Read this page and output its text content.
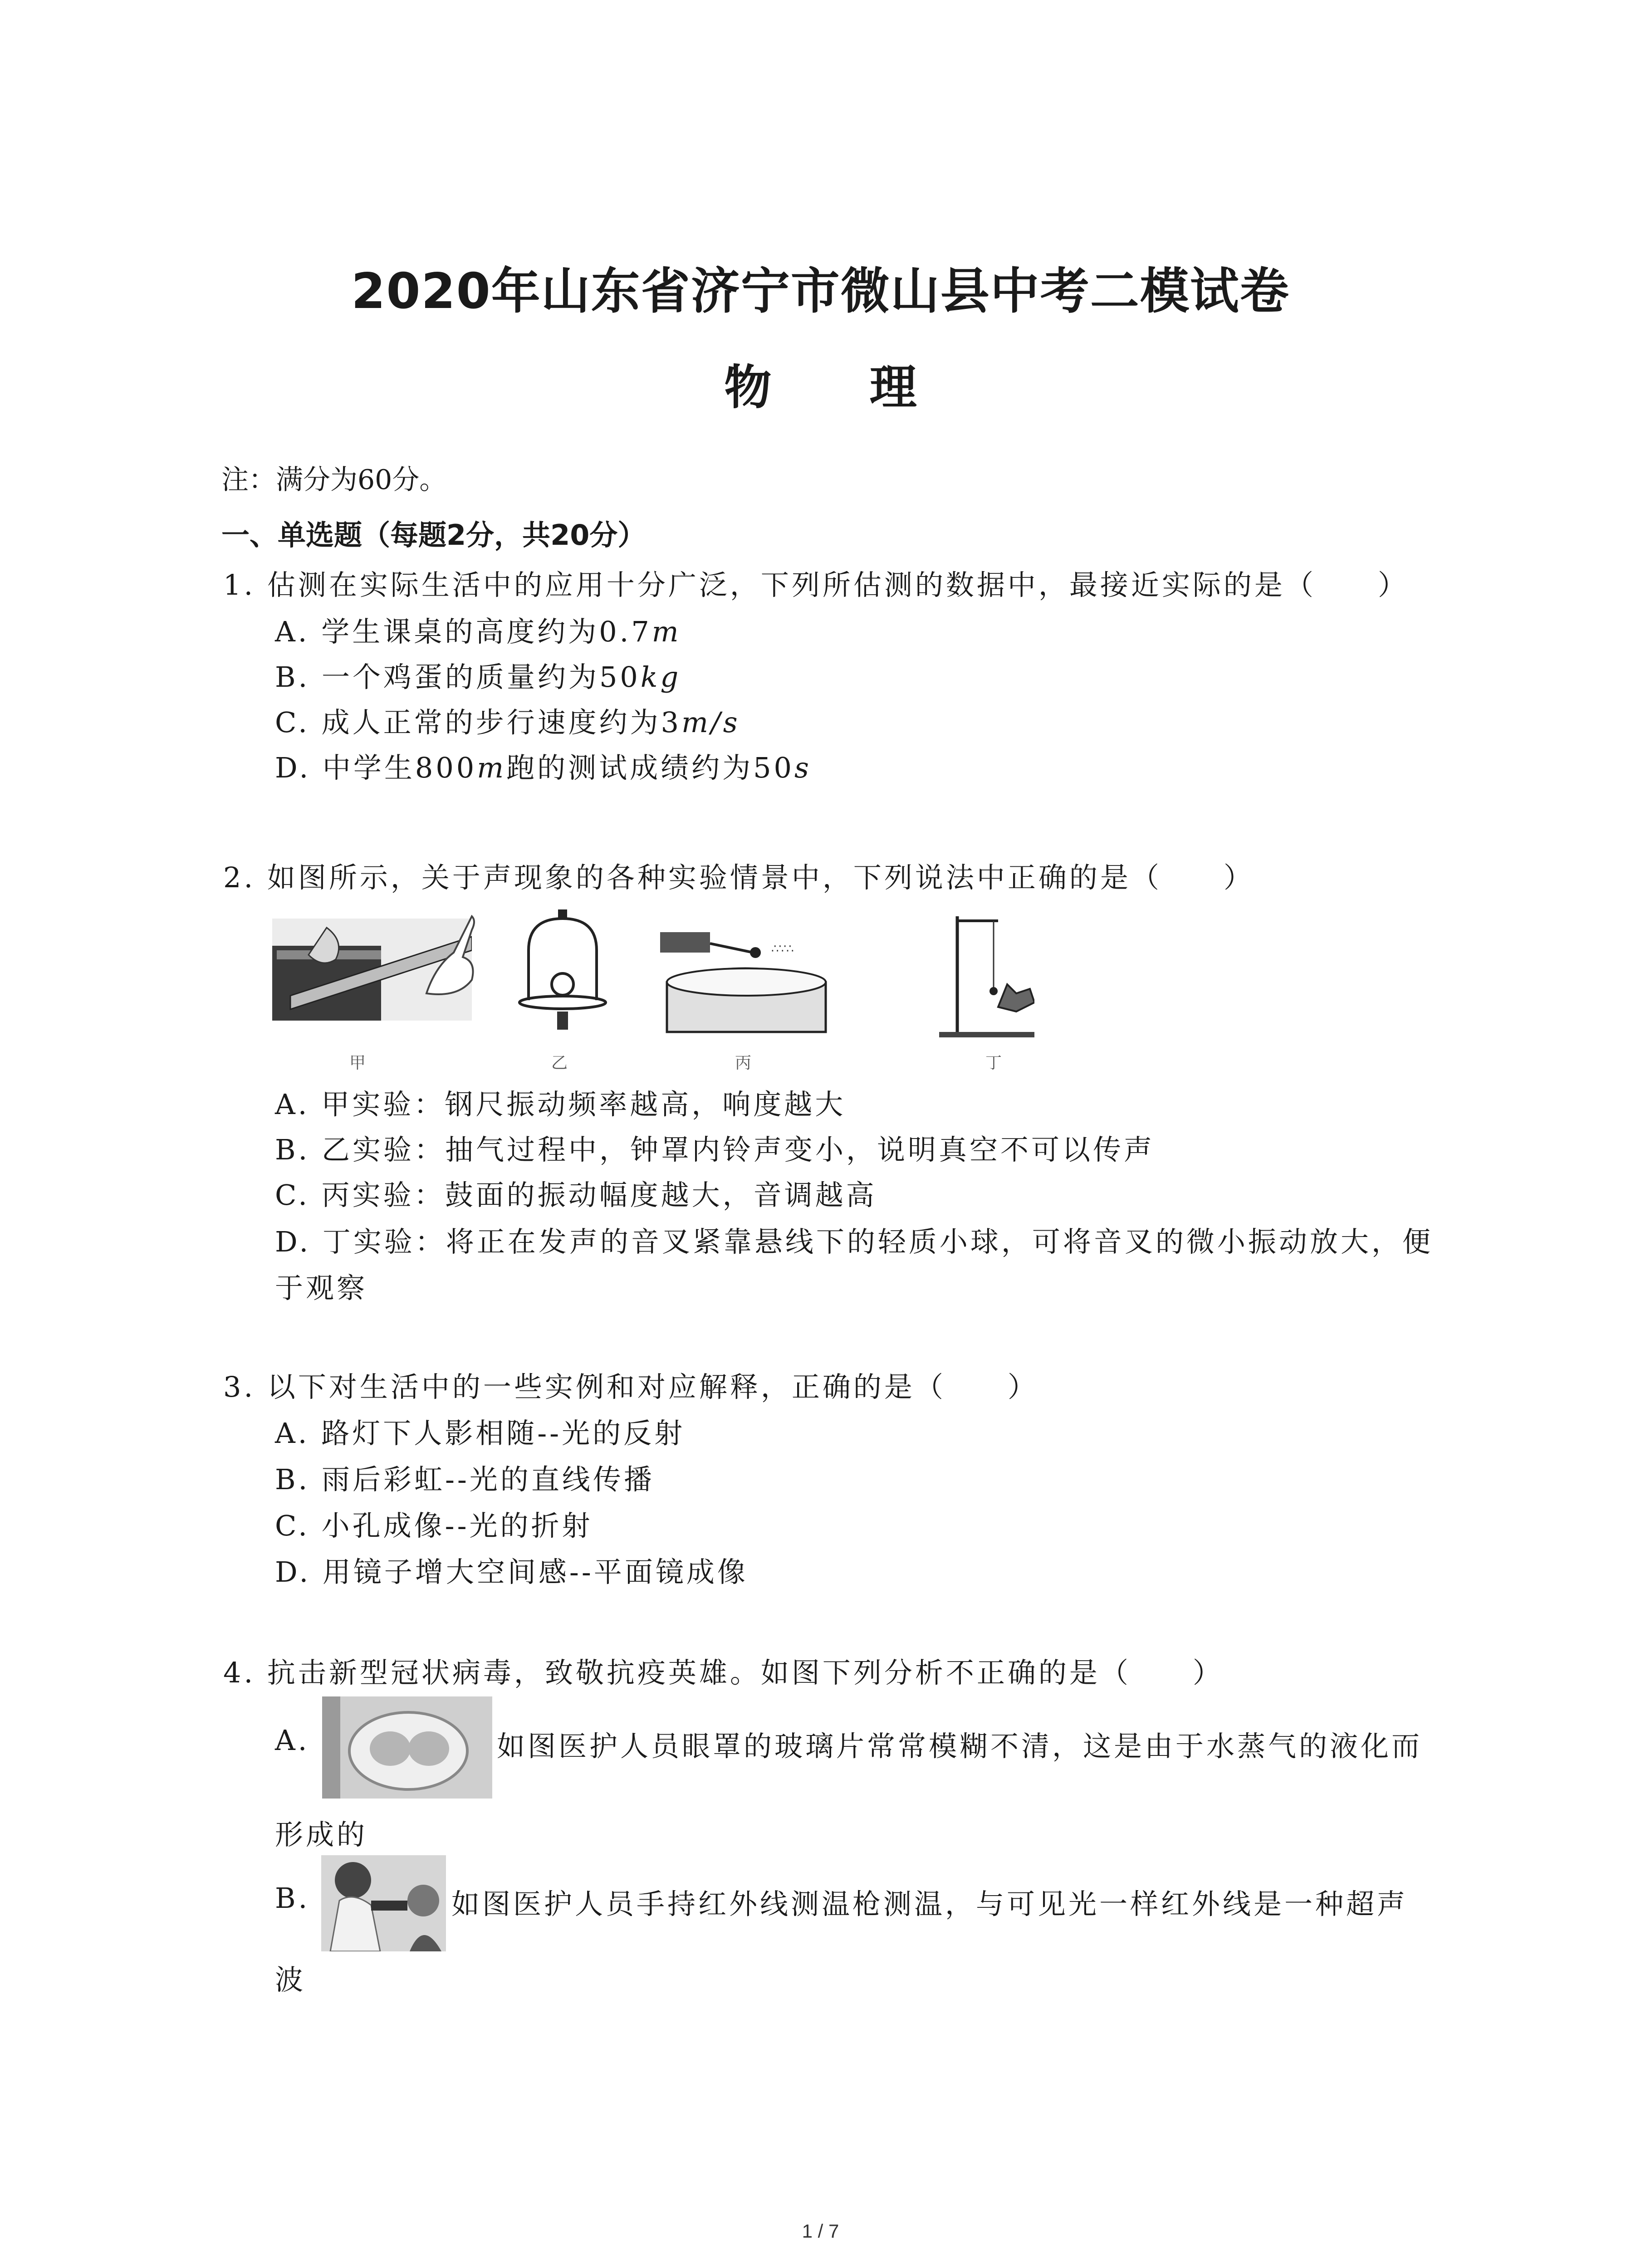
2020年山东省济宁市微山县中考二模试卷
物 理
注：满分为60分。
一、单选题（每题2分，共20分）
1. 估测在实际生活中的应用十分广泛，下列所估测的数据中，最接近实际的是（　　）
A. 学生课桌的高度约为0.7m
B. 一个鸡蛋的质量约为50kg
C. 成人正常的步行速度约为3m/s
D. 中学生800m跑的测试成绩约为50s
2. 如图所示，关于声现象的各种实验情景中，下列说法中正确的是（　　）
∴∵∴
甲	乙	丙	丁
A. 甲实验：钢尺振动频率越高，响度越大
B. 乙实验：抽气过程中，钟罩内铃声变小，说明真空不可以传声
C. 丙实验：鼓面的振动幅度越大，音调越高
D. 丁实验：将正在发声的音叉紧靠悬线下的轻质小球，可将音叉的微小振动放大，便
于观察
3. 以下对生活中的一些实例和对应解释，正确的是（　　）
A. 路灯下人影相随--光的反射
B. 雨后彩虹--光的直线传播
C. 小孔成像--光的折射
D. 用镜子增大空间感--平面镜成像
4. 抗击新型冠状病毒，致敬抗疫英雄。如图下列分析不正确的是（　　）
A.	如图医护人员眼罩的玻璃片常常模糊不清，这是由于水蒸气的液化而
形成的
B.	如图医护人员手持红外线测温枪测温，与可见光一样红外线是一种超声
波
1 / 7
